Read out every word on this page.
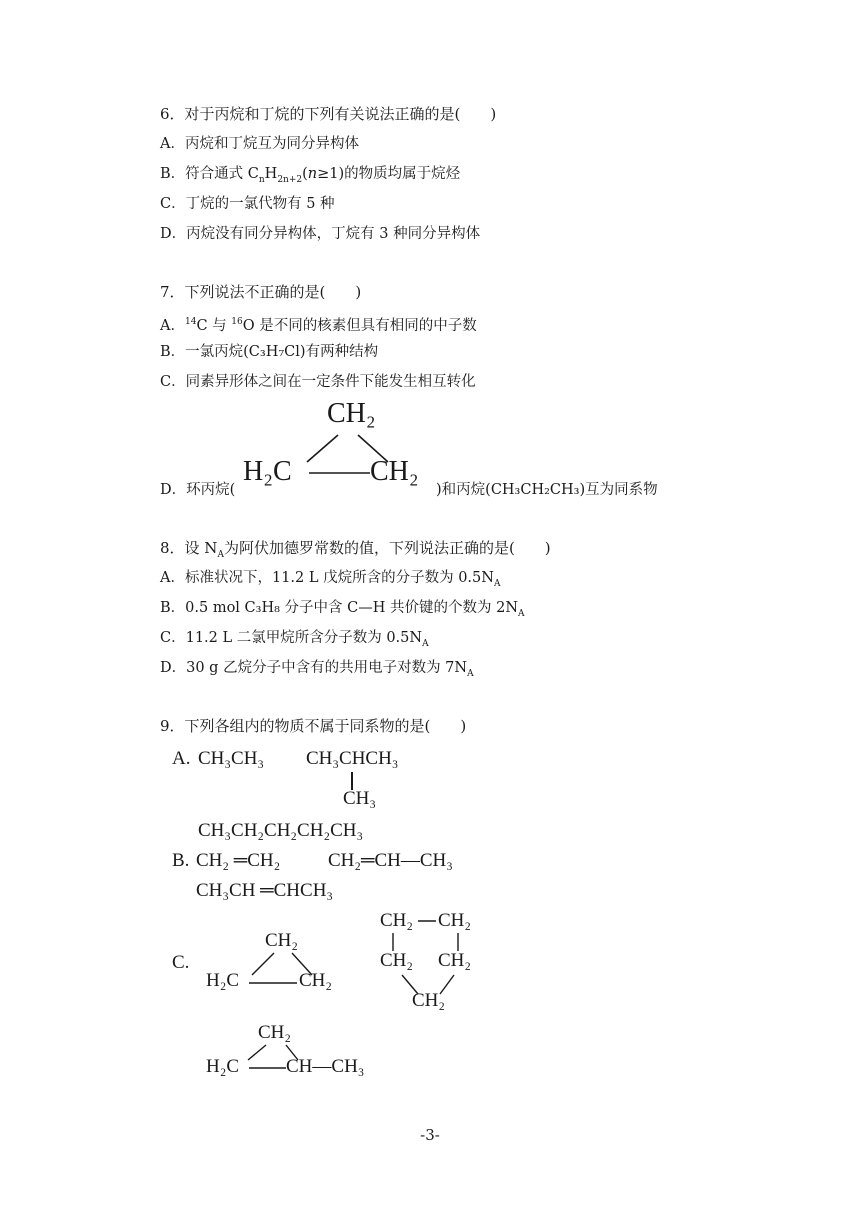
6．对于丙烷和丁烷的下列有关说法正确的是(　　)
A．丙烷和丁烷互为同分异构体
B．符合通式 $C_nH_{2n+2}(n\ge 1)$的物质均属于烷烃
C．丁烷的一氯代物有 5 种
D．丙烷没有同分异构体，丁烷有 3 种同分异构体
7．下列说法不正确的是(　　)
A．$^{14}$C 与 $^{16}$O 是不同的核素但具有相同的中子数
B．一氯丙烷(C₃H₇Cl)有两种结构
C．同素异形体之间在一定条件下能发生相互转化
CH₂
H₂C	CH₂
D．环丙烷(	)和丙烷(CH₃CH₂CH₃)互为同系物
8．设 $N_A$为阿伏加德罗常数的值，下列说法正确的是(　　)
A．标准状况下，11.2 L 戊烷所含的分子数为 $0.5N_A$
B．0.5 mol C₃H₈ 分子中含 C—H 共价键的个数为 $2N_A$
C．11.2 L 二氯甲烷所含分子数为 $0.5N_A$
D．30 g 乙烷分子中含有的共用电子对数为 $7N_A$
9．下列各组内的物质不属于同系物的是(　　)
A. CH₃CH₃ CH₃CHCH₃
CH₃
CH₃CH₂CH₂CH₂CH₃
B. CH₂ ═CH₂	CH₂═CH—CH₃
CH₃CH ═CHCH₃
C.
CH₂
H₂C	CH₂
CH₂ CH₂
CH₂ CH₂
CH₂
CH₂
H₂C CH—CH₃
-3-
